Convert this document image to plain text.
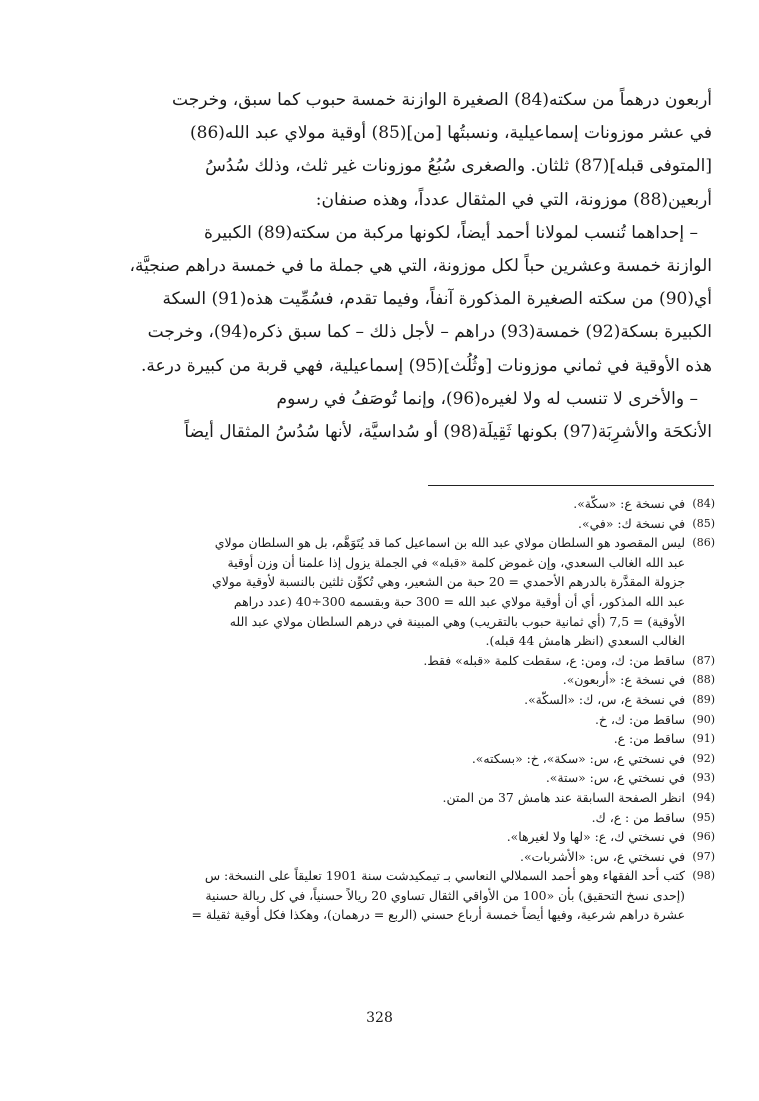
أربعون درهماً من سكته(84) الصغيرة الوازنة خمسة حبوب كما سبق، وخرجت
في عشر موزونات إسماعيلية، ونسبتُها [من](85) أوقية مولاي عبد الله(86)
[المتوفى قبله](87) ثلثان. والصغرى سُبُعُ موزونات غير ثلث، وذلك سُدُسُ
أربعين(88) موزونة، التي في المثقال عدداً، وهذه صنفان:
– إحداهما تُنسب لمولانا أحمد أيضاً، لكونها مركبة من سكته(89) الكبيرة
الوازنة خمسة وعشرين حباً لكل موزونة، التي هي جملة ما في خمسة دراهم صنجيَّة،
أي(90) من سكته الصغيرة المذكورة آنفاً، وفيما تقدم، فسُمِّيت هذه(91) السكة
الكبيرة بسكة(92) خمسة(93) دراهم – لأجل ذلك – كما سبق ذكره(94)، وخرجت
هذه الأوقية في ثماني موزونات [وثُلُث](95) إسماعيلية، فهي قربة من كبيرة درعة.
– والأخرى لا تنسب له ولا لغيره(96)، وإنما تُوصَفُ في رسوم
الأنكحَة والأشرِبَة(97) بكونها ثَقِيلَة(98) أو سُداسيَّة، لأنها سُدُسُ المثقال أيضاً
(84)
في نسخة ع: «سكّة».
(85)
في نسخة ك: «في».
(86)
ليس المقصود هو السلطان مولاي عبد الله بن اسماعيل كما قد يُتَوَهَّم، بل هو السلطان مولاي
عبد الله الغالب السعدي، وإن غموض كلمة «قبله» في الجملة يزول إذا علمنا أن وزن أوقية
جزولة المقدَّرة بالدرهم الأحمدي = 20 حبة من الشعير، وهي تُكوِّن ثلثين بالنسبة لأوقية مولاي
عبد الله المذكور، أي أن أوقية مولاي عبد الله = 300 حبة وبقسمه 300÷40 (عدد دراهم
الأوقية) = 7,5 (أي ثمانية حبوب بالتقريب) وهي المبينة في درهم السلطان مولاي عبد الله
الغالب السعدي (انظر هامش 44 قبله).
(87)
ساقط من: ك، ومن: ع، سقطت كلمة «قبله» فقط.
(88)
في نسخة ع: «أربعون».
(89)
في نسخة ع، س، ك: «السكّة».
(90)
ساقط من: ك، خ.
(91)
ساقط من: ع.
(92)
في نسختي ع، س: «سكة»، خ: «بسكته».
(93)
في نسختي ع، س: «ستة».
(94)
انظر الصفحة السابقة عند هامش 37 من المتن.
(95)
ساقط من : ع، ك.
(96)
في نسختي ك، ع: «لها ولا لغيرها».
(97)
في نسختي ع، س: «الأشربات».
(98)
كتب أحد الفقهاء وهو أحمد السملالي النعاسي بـ تيمكيدشت سنة 1901 تعليقاً على النسخة: س
(إحدى نسخ التحقيق) بأن «100 من الأواقي الثقال تساوي 20 ريالاً حسنياً، في كل ريالة حسنية
عشرة دراهم شرعية، وفيها أيضاً خمسة أرباع حسني (الربع = درهمان)، وهكذا فكل أوقية ثقيلة =
328
